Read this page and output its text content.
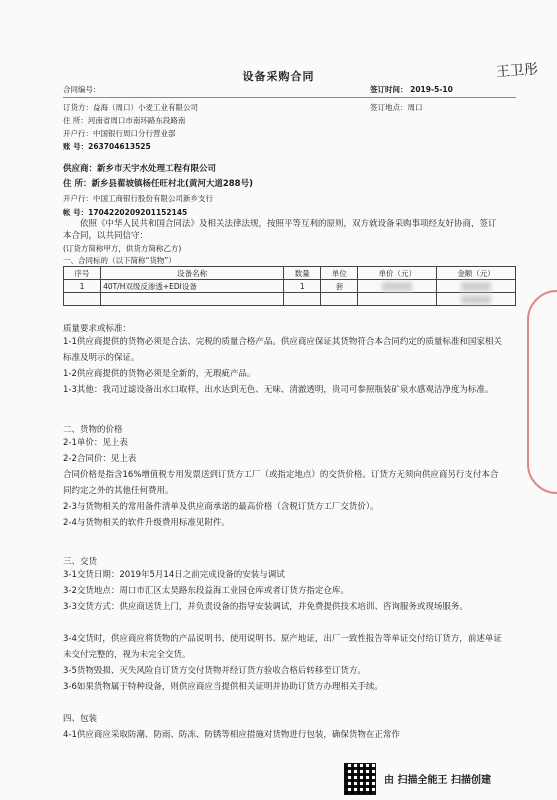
设备采购合同	王卫彤
合同编号：	签订时间： 2019-5-10
订货方：益海（周口）小麦工业有限公司	签订地点：周口
住 所：河南省周口市南环路东段路南
开户行：中国银行周口分行营业部
账 号：263704613525
供应商：新乡市天宇水处理工程有限公司
住 所：新乡县翟坡镇杨任旺村北(黄河大道288号)
开户行：中国工商银行股份有限公司新乡支行
帐 号：1704220209201152145
依照《中华人民共和国合同法》及相关法律法规，按照平等互利的原则，双方就设备采购事项经友好协商，签订本合同，以共同信守：
(订货方简称甲方，供货方简称乙方)
一、合同标的（以下简称“货物”）
序号	设备名称	数量	单位	单价（元）	金额（元）
1	40T/H双级反渗透+EDI设备	1	套		

质量要求或标准：
1-1供应商提供的货物必须是合法、完税的质量合格产品。供应商应保证其货物符合本合同约定的质量标准和国家相关标准及明示的保证。
1-2供应商提供的货物必须是全新的，无瑕疵产品。
1-3其他：我司过滤设备出水口取样，出水达到无色、无味、清澈透明，贵司可参照瓶装矿泉水感观洁净度为标准。
二、货物的价格
2-1单价：见上表
2-2合同价：见上表
合同价格是指含16%增值税专用发票送到订货方工厂（或指定地点）的交货价格。订货方无须向供应商另行支付本合同约定之外的其他任何费用。
2-3与货物相关的常用备件清单及供应商承诺的最高价格（含税订货方工厂交货价）。
2-4与货物相关的软件升级费用标准见附件。
三、交货
3-1交货日期：2019年5月14日之前完成设备的安装与调试
3-2交货地点：周口市汇区太昊路东段益海工业园仓库或者订货方指定仓库。
3-3交货方式：供应商送货上门，并负责设备的指导安装调试，并免费提供技术培训、咨询服务或现场服务。
3-4交货时，供应商应将货物的产品说明书、使用说明书、原产地证，出厂一致性报告等单证交付给订货方，前述单证未交付完整的，视为未完全交货。
3-5货物毁损、灭失风险自订货方交付货物并经订货方验收合格后转移至订货方。
3-6如果货物属于特种设备，则供应商应当提供相关证明并协助订货方办理相关手续。
四、包装
4-1供应商应采取防潮、防雨、防冻、防锈等相应措施对货物进行包装，确保货物在正常作
由 扫描全能王 扫描创建
